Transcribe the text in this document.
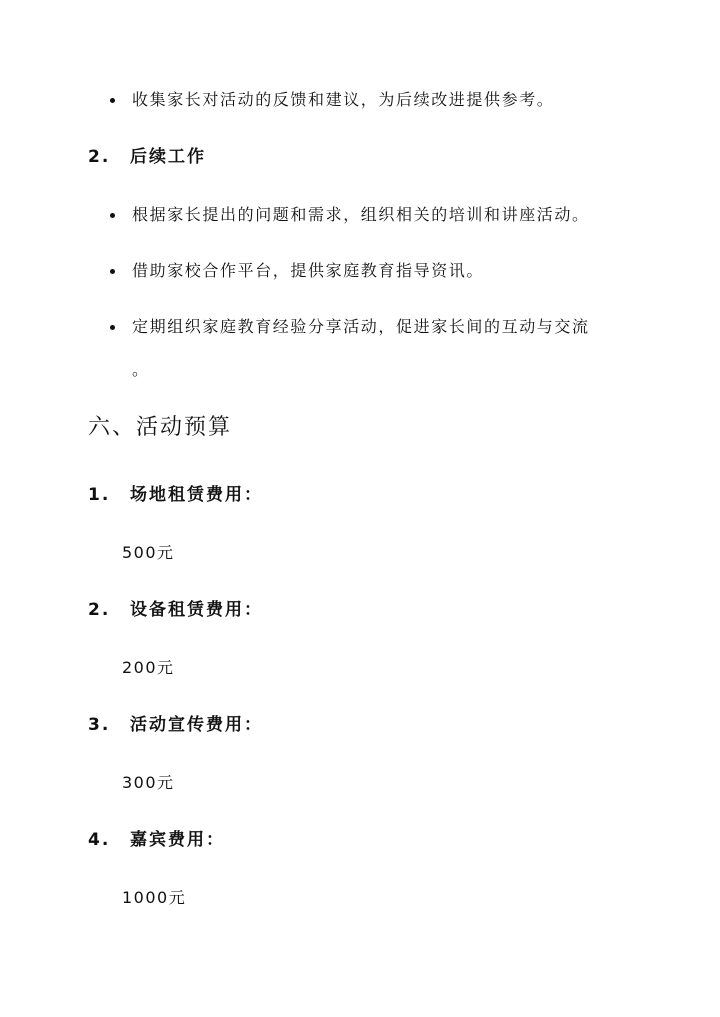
收集家长对活动的反馈和建议，为后续改进提供参考。
2. 后续工作
根据家长提出的问题和需求，组织相关的培训和讲座活动。
借助家校合作平台，提供家庭教育指导资讯。
定期组织家庭教育经验分享活动，促进家长间的互动与交流
。
六、活动预算
1. 场地租赁费用：
500元
2. 设备租赁费用：
200元
3. 活动宣传费用：
300元
4. 嘉宾费用：
1000元
